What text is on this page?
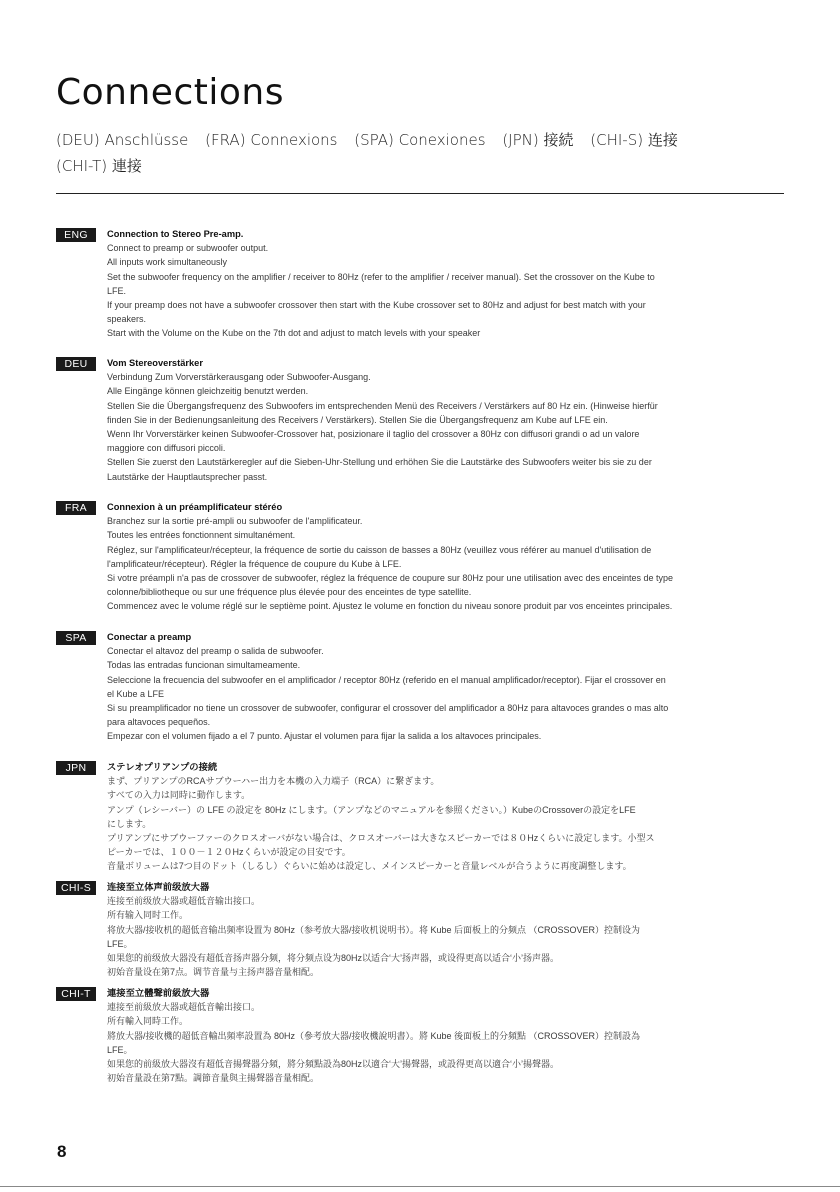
Connections
(DEU) Anschlüsse (FRA) Connexions (SPA) Conexiones (JPN) 接続 (CHI-S) 连接 (CHI-T) 連接
ENG	Connection to Stereo Pre-amp.
Connect to preamp or subwoofer output.
All inputs work simultaneously
Set the subwoofer frequency on the amplifier / receiver to 80Hz (refer to the amplifier / receiver manual). Set the crossover on the Kube to
LFE.
If your preamp does not have a subwoofer crossover then start with the Kube crossover set to 80Hz and adjust for best match with your
speakers.
Start with the Volume on the Kube on the 7th dot and adjust to match levels with your speaker
DEU	Vom Stereoverstärker
Verbindung Zum Vorverstärkerausgang oder Subwoofer-Ausgang.
Alle Eingänge können gleichzeitig benutzt werden.
Stellen Sie die Übergangsfrequenz des Subwoofers im entsprechenden Menü des Receivers / Verstärkers auf 80 Hz ein. (Hinweise hierfür
finden Sie in der Bedienungsanleitung des Receivers / Verstärkers). Stellen Sie die Übergangsfrequenz am Kube auf LFE ein.
Wenn Ihr Vorverstärker keinen Subwoofer-Crossover hat, posizionare il taglio del crossover a 80Hz con diffusori grandi o ad un valore
maggiore con diffusori piccoli.
Stellen Sie zuerst den Lautstärkeregler auf die Sieben-Uhr-Stellung und erhöhen Sie die Lautstärke des Subwoofers weiter bis sie zu der
Lautstärke der Hauptlautsprecher passt.
FRA	Connexion à un préamplificateur stéréo
Branchez sur la sortie pré-ampli ou subwoofer de l'amplificateur.
Toutes les entrées fonctionnent simultanément.
Réglez, sur l'amplificateur/récepteur, la fréquence de sortie du caisson de basses a 80Hz (veuillez vous référer au manuel d'utilisation de
l'amplificateur/récepteur). Régler la fréquence de coupure du Kube à LFE.
Si votre préampli n'a pas de crossover de subwoofer, réglez la fréquence de coupure sur 80Hz pour une utilisation avec des enceintes de type
colonne/bibliotheque ou sur une fréquence plus élevée pour des enceintes de type satellite.
Commencez avec le volume réglé sur le septième point. Ajustez le volume en fonction du niveau sonore produit par vos enceintes principales.
SPA	Conectar a preamp
Conectar el altavoz del preamp o salida de subwoofer.
Todas las entradas funcionan simultameamente.
Seleccione la frecuencia del subwoofer en el amplificador / receptor 80Hz (referido en el manual amplificador/receptor). Fijar el crossover en
el Kube a LFE
Si su preamplificador no tiene un crossover de subwoofer, configurar el crossover del amplificador a 80Hz para altavoces grandes o mas alto
para altavoces pequeños.
Empezar con el volumen fijado a el 7 punto. Ajustar el volumen para fijar la salida a los altavoces principales.
JPN	ステレオプリアンプの接続
まず、プリアンプのRCAサブウーハー出力を本機の入力端子（RCA）に繋ぎます。
すべての入力は同時に動作します。
アンプ（レシーバー）の LFE の設定を 80Hz にします。（アンプなどのマニュアルを参照ください。）KubeのCrossoverの設定をLFE
にします。
プリアンプにサブウーファーのクロスオーバがない場合は、クロスオーバーは大きなスピーカーでは８０Hzくらいに設定します。小型ス
ピーカーでは、１００－１２０Hzくらいが設定の目安です。
音量ボリュームは7つ目のドット（しるし）ぐらいに始めは設定し、メインスピーカーと音量レベルが合うように再度調整します。
CHI-S	连接至立体声前级放大器
连接至前级放大器或超低音输出接口。
所有输入同时工作。
将放大器/接收机的超低音输出频率设置为 80Hz（参考放大器/接收机说明书）。将 Kube 后面板上的分频点 （CROSSOVER）控制设为
LFE。
如果您的前级放大器没有超低音扬声器分频，将分频点设为80Hz以适合‘大’扬声器，或设得更高以适合‘小’扬声器。
初始音量设在第7点。调节音量与主扬声器音量相配。
CHI-T	連接至立體聲前級放大器
連接至前級放大器或超低音輸出接口。
所有輸入同時工作。
將放大器/接收機的超低音輸出頻率設置為 80Hz（參考放大器/接收機說明書）。將 Kube 後面板上的分頻點 （CROSSOVER）控制設為
LFE。
如果您的前級放大器沒有超低音揚聲器分頻，將分頻點設為80Hz以適合‘大’揚聲器，或設得更高以適合‘小’揚聲器。
初始音量設在第7點。調節音量與主揚聲器音量相配。
8
